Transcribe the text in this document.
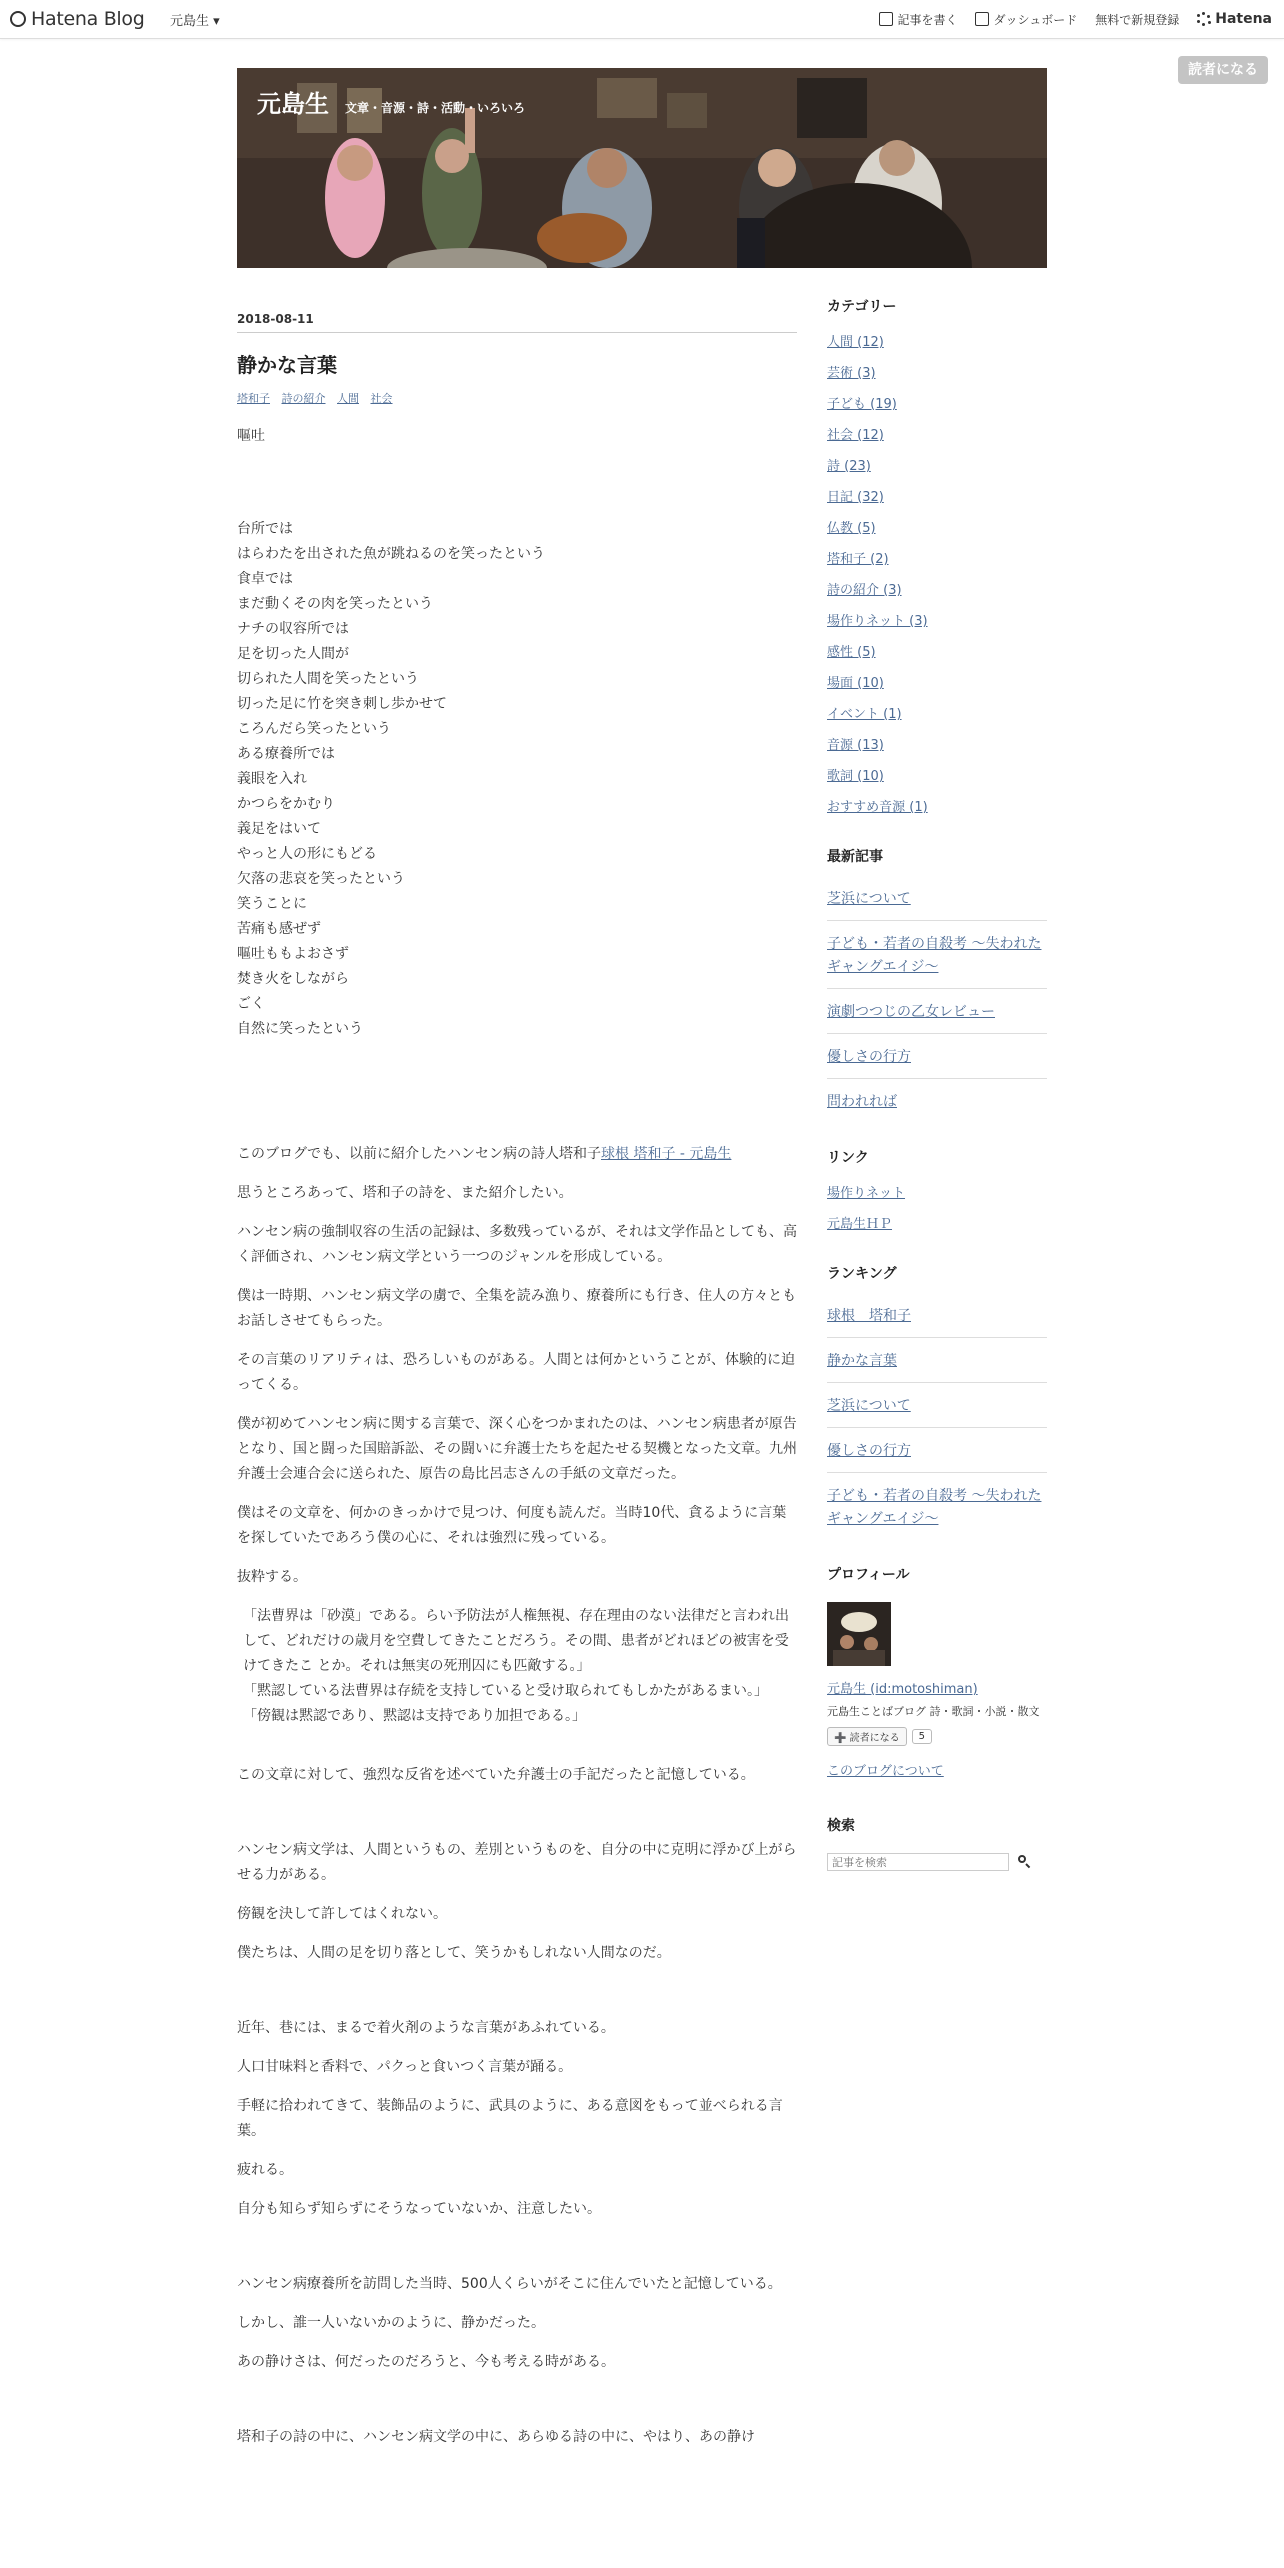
Hatena Blog 元島生 ▾	記事を書く	ダッシュボード 無料で新規登録	Hatena
読者になる
元島生 文章・音源・詩・活動・いろいろ
2018-08-11
静かな言葉
塔和子 詩の紹介 人間 社会

嘔吐

台所では

はらわたを出された魚が跳ねるのを笑ったという

食卓では

まだ動くその肉を笑ったという

ナチの収容所では

足を切った人間が

切られた人間を笑ったという

切った足に竹を突き刺し歩かせて

ころんだら笑ったという

ある療養所では

義眼を入れ

かつらをかむり

義足をはいて

やっと人の形にもどる

欠落の悲哀を笑ったという

笑うことに

苦痛も感ぜず

嘔吐ももよおさず

焚き火をしながら

ごく

自然に笑ったという

このブログでも、以前に紹介したハンセン病の詩人塔和子球根 塔和子 - 元島生

思うところあって、塔和子の詩を、また紹介したい。

ハンセン病の強制収容の生活の記録は、多数残っているが、それは文学作品としても、高く評価され、ハンセン病文学という一つのジャンルを形成している。

僕は一時期、ハンセン病文学の虜で、全集を読み漁り、療養所にも行き、住人の方々ともお話しさせてもらった。

その言葉のリアリティは、恐ろしいものがある。人間とは何かということが、体験的に迫ってくる。

僕が初めてハンセン病に関する言葉で、深く心をつかまれたのは、ハンセン病患者が原告となり、国と闘った国賠訴訟、その闘いに弁護士たちを起たせる契機となった文章。九州弁護士会連合会に送られた、原告の島比呂志さんの手紙の文章だった。

僕はその文章を、何かのきっかけで見つけ、何度も読んだ。当時10代、貪るように言葉を探していたであろう僕の心に、それは強烈に残っている。

抜粋する。

「法曹界は「砂漠」である。らい予防法が人権無視、存在理由のない法律だと言われ出して、どれだけの歳月を空費してきたことだろう。その間、患者がどれほどの被害を受けてきたこ とか。それは無実の死刑囚にも匹敵する。」

「黙認している法曹界は存続を支持していると受け取られてもしかたがあるまい。」

「傍観は黙認であり、黙認は支持であり加担である。」

この文章に対して、強烈な反省を述べていた弁護士の手記だったと記憶している。

ハンセン病文学は、人間というもの、差別というものを、自分の中に克明に浮かび上がらせる力がある。

傍観を決して許してはくれない。

僕たちは、人間の足を切り落として、笑うかもしれない人間なのだ。

近年、巷には、まるで着火剤のような言葉があふれている。

人口甘味料と香料で、パクっと食いつく言葉が踊る。

手軽に拾われてきて、装飾品のように、武具のように、ある意図をもって並べられる言葉。

疲れる。

自分も知らず知らずにそうなっていないか、注意したい。

ハンセン病療養所を訪問した当時、500人くらいがそこに住んでいたと記憶している。

しかし、誰一人いないかのように、静かだった。

あの静けさは、何だったのだろうと、今も考える時がある。

塔和子の詩の中に、ハンセン病文学の中に、あらゆる詩の中に、やはり、あの静け

カテゴリー
人間 (12)
芸術 (3)
子ども (19)
社会 (12)
詩 (23)
日記 (32)
仏教 (5)
塔和子 (2)
詩の紹介 (3)
場作りネット (3)
感性 (5)
場面 (10)
イベント (1)
音源 (13)
歌詞 (10)
おすすめ音源 (1)
最新記事
芝浜について
子ども・若者の自殺考 ～失われたギャングエイジ～
演劇つつじの乙女レビュー
優しさの行方
問われれば
リンク
場作りネット
元島生ＨＰ
ランキング
球根　塔和子
静かな言葉
芝浜について
優しさの行方
子ども・若者の自殺考 ～失われたギャングエイジ～
プロフィール
元島生 (id:motoshiman)
元島生ことばブログ 詩・歌詞・小説・散文
➕ 読者になる	5
このブログについて
検索
記事を検索
